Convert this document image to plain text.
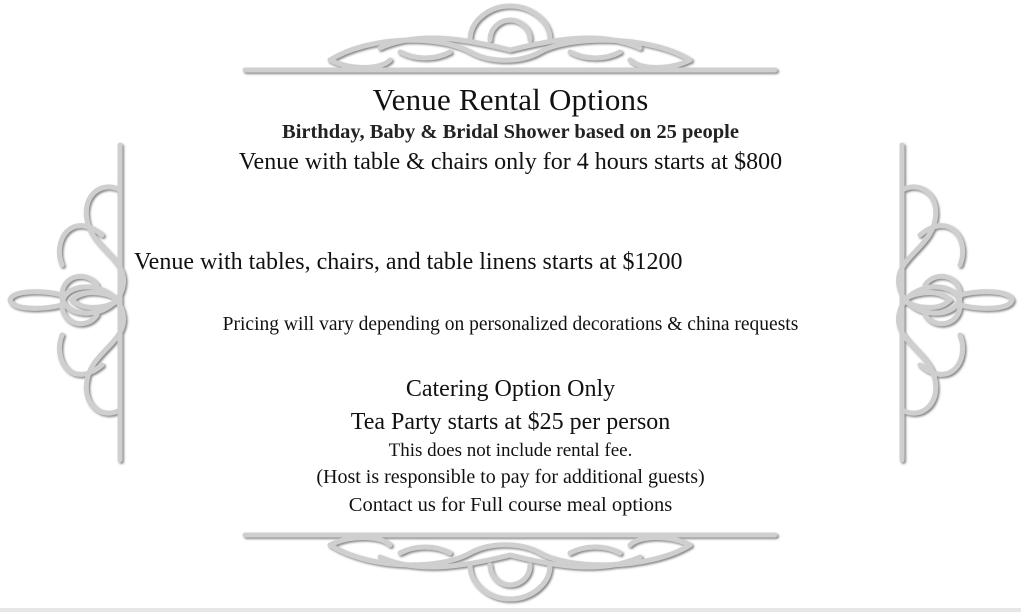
Venue Rental Options
Birthday, Baby & Bridal Shower based on 25 people
Venue with table & chairs only for 4 hours starts at $800
Venue with tables, chairs, and table linens starts at $1200
Pricing will vary depending on personalized decorations & china requests
Catering Option Only
Tea Party starts at $25 per person
This does not include rental fee.
(Host is responsible to pay for additional guests)
Contact us for Full course meal options
